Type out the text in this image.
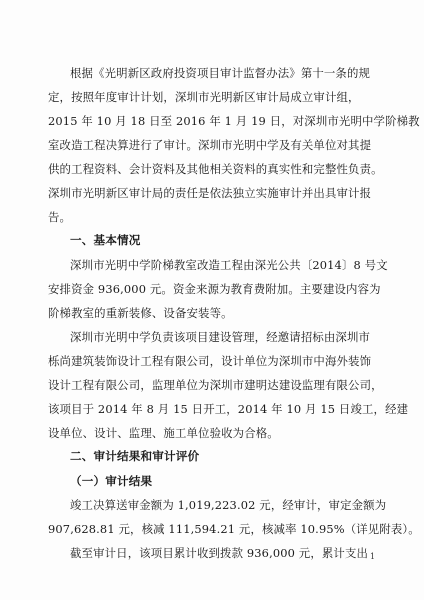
根据《光明新区政府投资项目审计监督办法》第十一条的规
定，按照年度审计计划，深圳市光明新区审计局成立审计组，
2015 年 10 月 18 日至 2016 年 1 月 19 日，对深圳市光明中学阶梯教
室改造工程决算进行了审计。深圳市光明中学及有关单位对其提
供的工程资料、会计资料及其他相关资料的真实性和完整性负责。
深圳市光明新区审计局的责任是依法独立实施审计并出具审计报
告。
一、基本情况
深圳市光明中学阶梯教室改造工程由深光公共〔2014〕8 号文
安排资金 936,000 元。资金来源为教育费附加。主要建设内容为
阶梯教室的重新装修、设备安装等。
深圳市光明中学负责该项目建设管理，经邀请招标由深圳市
栎尚建筑装饰设计工程有限公司，设计单位为深圳市中海外装饰
设计工程有限公司，监理单位为深圳市建明达建设监理有限公司，
该项目于 2014 年 8 月 15 日开工，2014 年 10 月 15 日竣工，经建
设单位、设计、监理、施工单位验收为合格。
二、审计结果和审计评价
（一）审计结果
竣工决算送审金额为 1,019,223.02 元，经审计，审定金额为
907,628.81 元，核减 111,594.21 元，核减率 10.95%（详见附表）。
截至审计日，该项目累计收到拨款 936,000 元，累计支出 1
